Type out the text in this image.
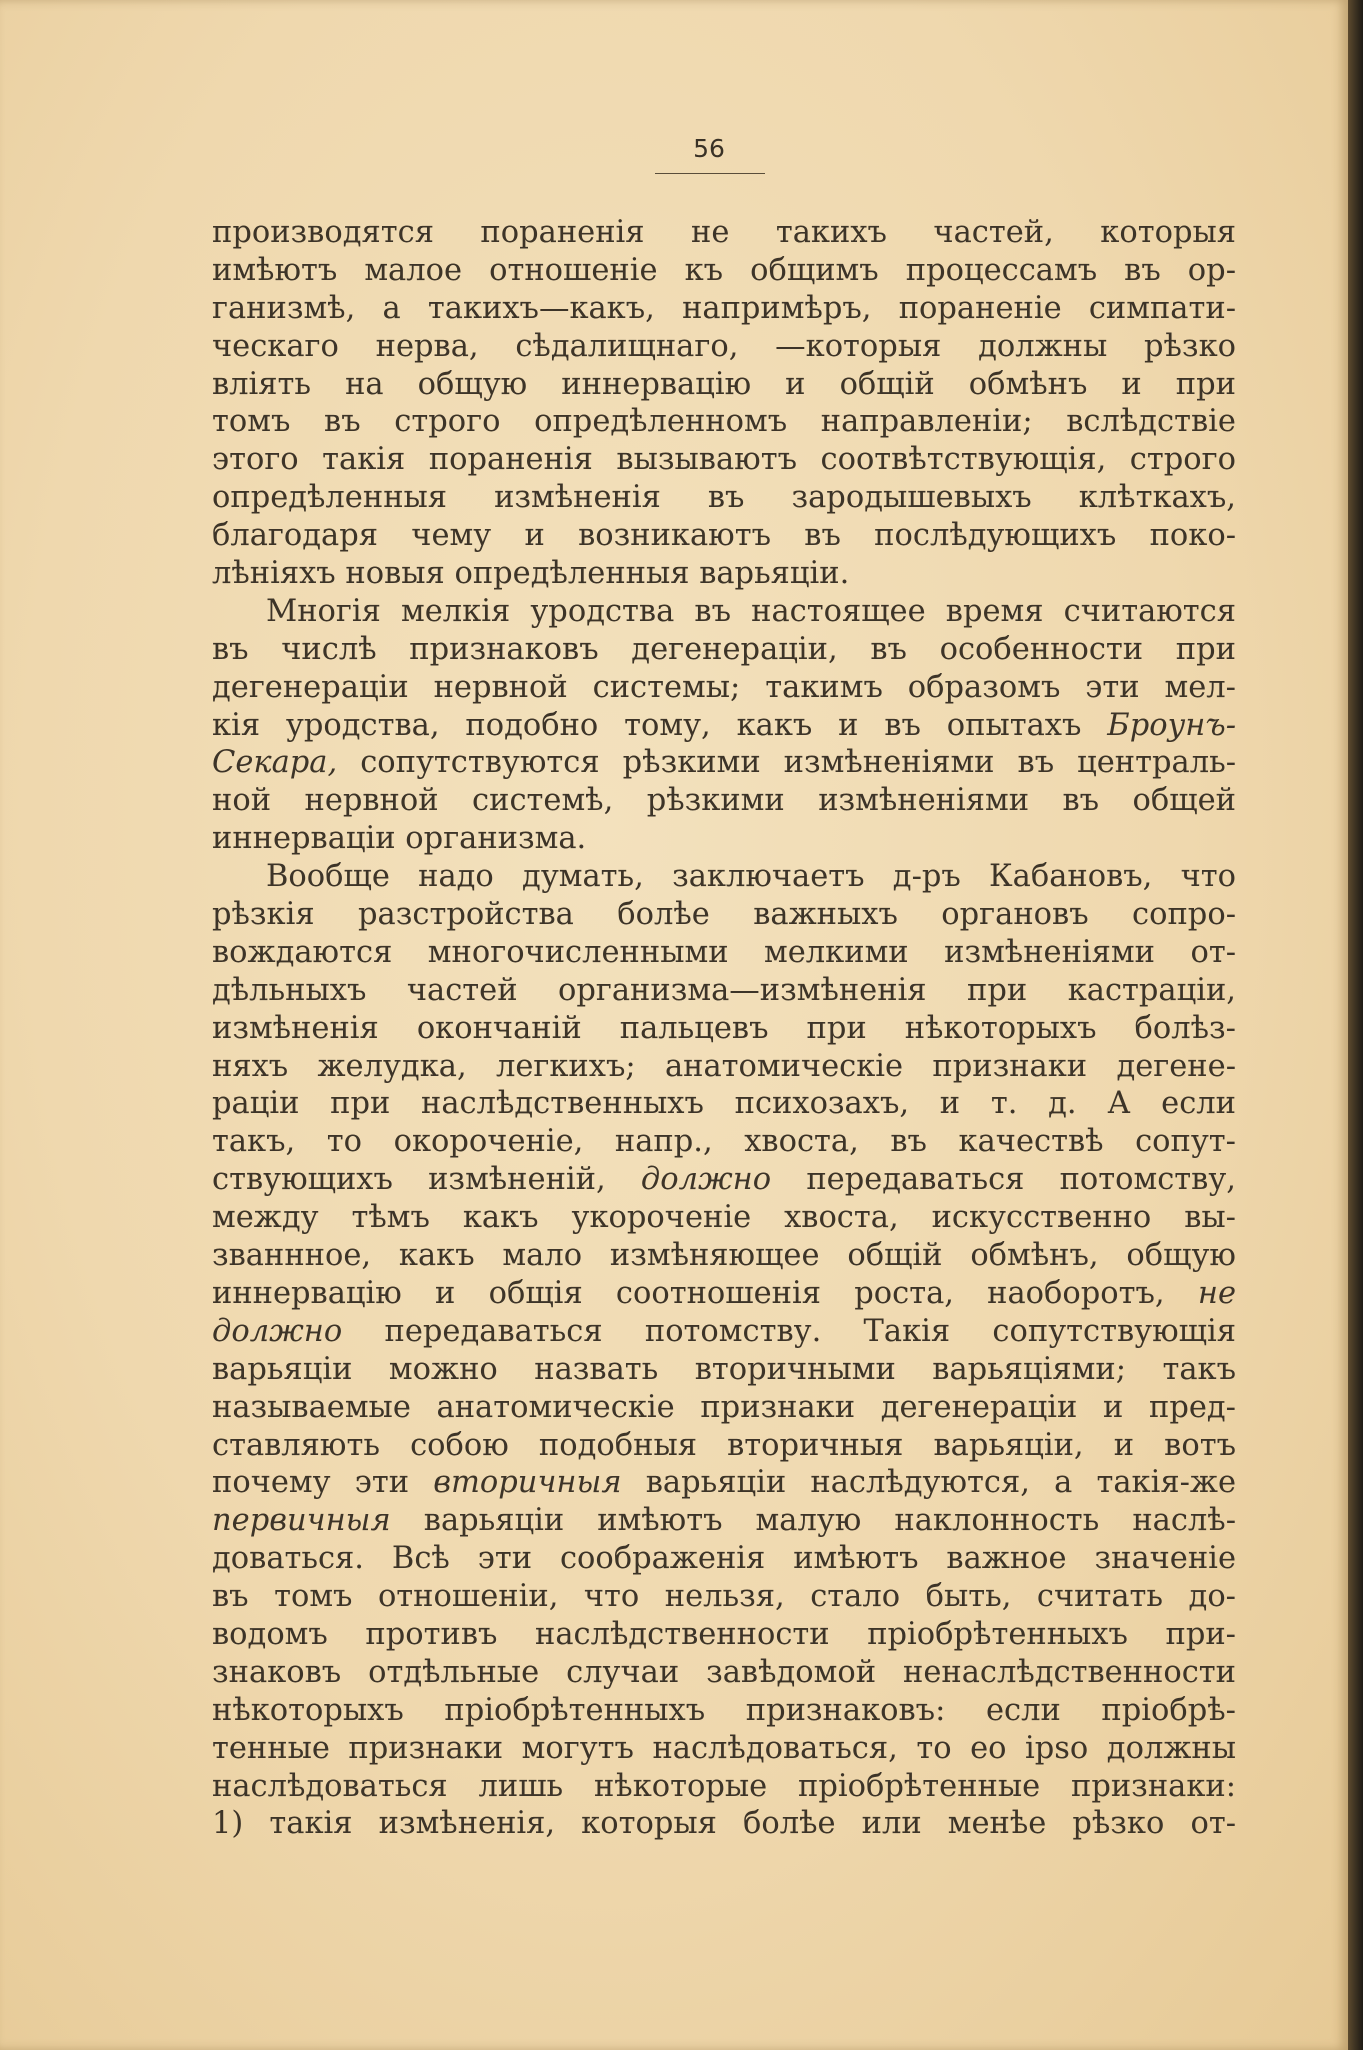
56
производятся пораненія не такихъ частей, которыя
имѣютъ малое отношеніе къ общимъ процессамъ въ ор-
ганизмѣ, а такихъ—какъ, напримѣръ, пораненіе симпати-
ческаго нерва, сѣдалищнаго, —которыя должны рѣзко
вліять на общую иннервацію и общій обмѣнъ и при
томъ въ строго опредѣленномъ направленіи; вслѣдствіе
этого такія пораненія вызываютъ соотвѣтствующія, строго
опредѣленныя измѣненія въ зародышевыхъ клѣткахъ,
благодаря чему и возникаютъ въ послѣдующихъ поко-
лѣніяхъ новыя опредѣленныя варьяціи.
Многія мелкія уродства въ настоящее время считаются
въ числѣ признаковъ дегенераціи, въ особенности при
дегенераціи нервной системы; такимъ образомъ эти мел-
кія уродства, подобно тому, какъ и въ опытахъ Броунъ-
Секара, сопутствуются рѣзкими измѣненіями въ централь-
ной нервной системѣ, рѣзкими измѣненіями въ общей
иннерваціи организма.
Вообще надо думать, заключаетъ д-ръ Кабановъ, что
рѣзкія разстройства болѣе важныхъ органовъ сопро-
вождаются многочисленными мелкими измѣненіями от-
дѣльныхъ частей организма—измѣненія при кастраціи,
измѣненія окончаній пальцевъ при нѣкоторыхъ болѣз-
няхъ желудка, легкихъ; анатомическіе признаки дегене-
раціи при наслѣдственныхъ психозахъ, и т. д. А если
такъ, то окороченіе, напр., хвоста, въ качествѣ сопут-
ствующихъ измѣненій, должно передаваться потомству,
между тѣмъ какъ укороченіе хвоста, искусственно вы-
званнное, какъ мало измѣняющее общій обмѣнъ, общую
иннервацію и общія соотношенія роста, наоборотъ, не
должно передаваться потомству. Такія сопутствующія
варьяціи можно назвать вторичными варьяціями; такъ
называемые анатомическіе признаки дегенераціи и пред-
ставляють собою подобныя вторичныя варьяціи, и вотъ
почему эти вторичныя варьяціи наслѣдуются, а такія-же
первичныя варьяціи имѣютъ малую наклонность наслѣ-
доваться. Всѣ эти соображенія имѣютъ важное значеніе
въ томъ отношеніи, что нельзя, стало быть, считать до-
водомъ противъ наслѣдственности пріобрѣтенныхъ при-
знаковъ отдѣльные случаи завѣдомой ненаслѣдственности
нѣкоторыхъ пріобрѣтенныхъ признаковъ: если пріобрѣ-
тенные признаки могутъ наслѣдоваться, то eo ipso должны
наслѣдоваться лишь нѣкоторые пріобрѣтенные признаки:
1) такія измѣненія, которыя болѣе или менѣе рѣзко от-
